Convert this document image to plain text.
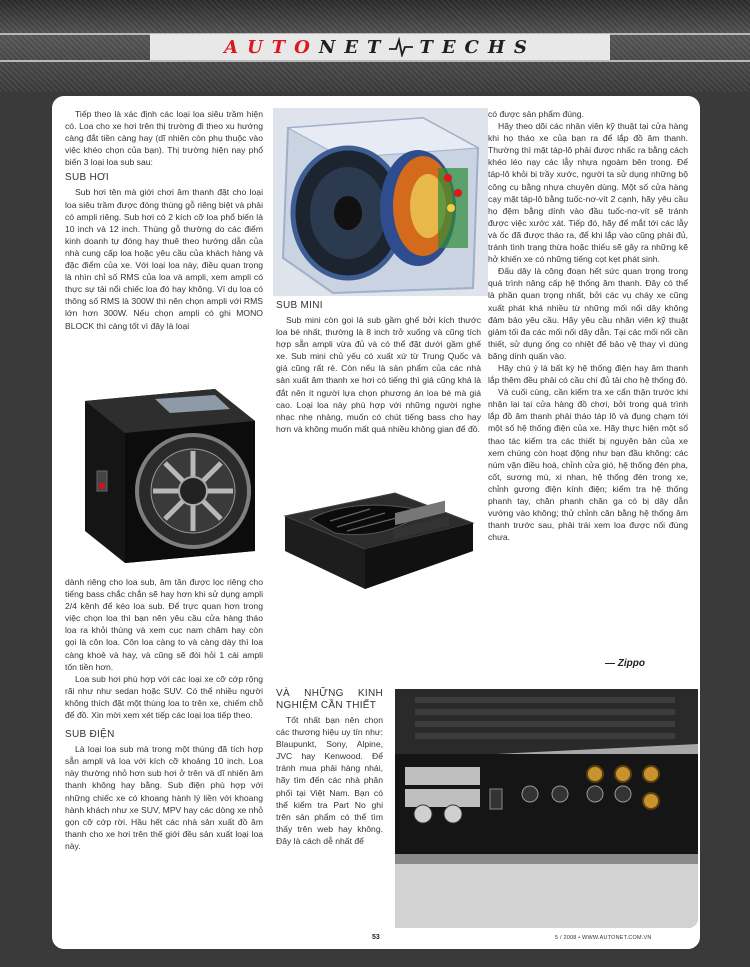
AUTO NET TECHS

Tiếp theo là xác định các loại loa siêu trầm hiện có. Loa cho xe hơi trên thị trường đi theo xu hướng càng đắt tiền càng hay (dĩ nhiên còn phụ thuộc vào việc khéo chọn của bạn). Thị trường hiện nay phổ biến 3 loại loa sub sau:

SUB HƠI

Sub hơi tên mà giới chơi âm thanh đặt cho loại loa siêu trầm được đóng thùng gỗ riêng biệt và phải có ampli riêng. Sub hơi có 2 kích cỡ loa phổ biến là 10 inch và 12 inch. Thùng gỗ thường do các điểm kinh doanh tự đóng hay thuê theo hướng dẫn của nhà cung cấp loa hoặc yêu cầu của khách hàng và đặc điểm của xe. Với loại loa này, điều quan trọng là nhìn chỉ số RMS của loa và ampli, xem ampli có thực sự tải nổi chiếc loa đó hay không. Ví dụ loa có thông số RMS là 300W thì nên chọn ampli với RMS lớn hơn 300W. Nếu chọn ampli có ghi MONO BLOCK thì càng tốt vì đây là loại

dành riêng cho loa sub, âm tần được lọc riêng cho tiếng bass chắc chắn sẽ hay hơn khi sử dụng ampli 2/4 kênh để kéo loa sub. Để trực quan hơn trong việc chọn loa thì bạn nên yêu cầu cửa hàng tháo loa ra khỏi thùng và xem cục nam châm hay còn gọi là côn loa. Côn loa càng to và càng dày thì loa càng khoẻ và hay, và cũng sẽ đòi hỏi 1 cái ampli tốn tiền hơn.

Loa sub hơi phù hợp với các loại xe cỡ cớp rộng rãi như như sedan hoặc SUV. Có thể nhiều người không thích đặt một thùng loa to trên xe, chiếm chỗ để đồ. Xin mời xem xét tiếp các loại loa tiếp theo.

SUB ĐIỆN

Là loại loa sub mà trong một thùng đã tích hợp sẵn ampli và loa với kích cỡ khoảng 10 inch. Loa này thường nhỏ hơn sub hơi ở trên và dĩ nhiên âm thanh không hay bằng. Sub điện phù hợp với những chiếc xe có khoang hành lý liền với khoang hành khách như xe SUV, MPV hay các dòng xe nhỏ gọn cỡ cớp rời. Hầu hết các nhà sản xuất đồ âm thanh cho xe hơi trên thế giới đều sản xuất loại loa này.

SUB MINI

Sub mini còn gọi là sub gầm ghế bởi kích thước loa bé nhất, thường là 8 inch trở xuống và cũng tích hợp sẵn ampli vừa đủ và có thể đặt dưới gầm ghế xe. Sub mini chủ yếu có xuất xứ từ Trung Quốc và giá cũng rất rẻ. Còn nếu là sản phẩm của các nhà sản xuất âm thanh xe hơi có tiếng thì giá cũng khá là đắt nên ít người lựa chọn phương án loa bé mà giá cao. Loại loa này phù hợp với những người nghe nhạc nhẹ nhàng, muốn có chút tiếng bass cho hay hơn và không muốn mất quá nhiều không gian để đồ.

VÀ NHỮNG KINH NGHIỆM CẦN THIẾT

Tốt nhất bạn nên chọn các thương hiệu uy tín như: Blaupunkt, Sony, Alpine, JVC hay Kenwood. Để tránh mua phải hàng nhái, hãy tìm đến các nhà phân phối tại Việt Nam. Bạn có thể kiểm tra Part No ghi trên sản phẩm có thể tìm thấy trên web hay không. Đây là cách dễ nhất để

có được sản phẩm đúng.

Hãy theo dõi các nhân viên kỹ thuật tại cửa hàng khi họ tháo xe của bạn ra để lắp đồ âm thanh. Thường thì mặt táp-lô phải được nhấc ra bằng cách khéo léo nạy các lẫy nhựa ngoàm bên trong. Để táp-lô khỏi bị trầy xước, người ta sử dụng những bộ công cụ bằng nhựa chuyên dùng. Một số cửa hàng cạy mặt táp-lô bằng tuốc-nơ-vít 2 cạnh, hãy yêu cầu họ đệm bằng dính vào đầu tuốc-nơ-vít sẽ tránh được việc xước xát. Tiếp đó, hãy để mắt tới các lẫy và ốc đã được tháo ra, để khi lắp vào cũng phải đủ, tránh tình trạng thừa hoặc thiếu sẽ gây ra những kẽ hở khiến xe có những tiếng cọt kẹt phát sinh.

Đấu dây là công đoạn hết sức quan trọng trong quá trình nâng cấp hệ thống âm thanh. Đây có thể là phần quan trọng nhất, bởi các vụ cháy xe cũng xuất phát khá nhiều từ những mối nối dây không đảm bảo yêu cầu. Hãy yêu cầu nhân viên kỹ thuật giảm tối đa các mối nối dây dẫn. Tại các mối nối cần thiết, sử dụng ống co nhiệt để bảo vệ thay vì dùng băng dính quấn vào.

Hãy chú ý là bất kỳ hệ thống điện hay âm thanh lắp thêm đều phải có cầu chì đủ tải cho hệ thống đó.

Và cuối cùng, cần kiểm tra xe cẩn thận trước khi nhận lại tại cửa hàng đồ chơi, bởi trong quá trình lắp đồ âm thanh phải tháo táp lô và đụng chạm tới một số hệ thống điện của xe. Hãy thực hiện một số thao tác kiểm tra các thiết bị nguyên bản của xe xem chúng còn hoạt động như bạn đầu không: các núm vặn điều hoà, chỉnh cửa gió, hệ thống đèn pha, cốt, sương mù, xi nhan, hệ thống đèn trong xe, chỉnh gương điện kính điện; kiểm tra hệ thống phanh tay, chân phanh chân ga có bị dây dẫn vướng vào không; thử chỉnh cân bằng hệ thống âm thanh trước sau, phải trái xem loa được nối đúng chưa.

— Zippo
53	5 / 2008 • WWW.AUTONET.COM.VN
